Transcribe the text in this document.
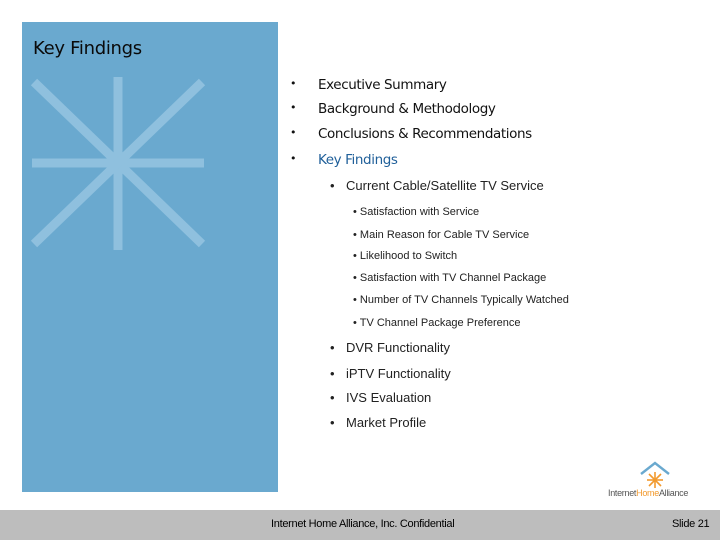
Key Findings
• Executive Summary
• Background & Methodology
• Conclusions & Recommendations
• Key Findings
• Current Cable/Satellite TV Service
• Satisfaction with Service
• Main Reason for Cable TV Service
• Likelihood to Switch
• Satisfaction with TV Channel Package
• Number of TV Channels Typically Watched
• TV Channel Package Preference
• DVR Functionality
• iPTV Functionality
• IVS Evaluation
• Market Profile
InternetHomeAlliance
Internet Home Alliance, Inc. Confidential	Slide 21
